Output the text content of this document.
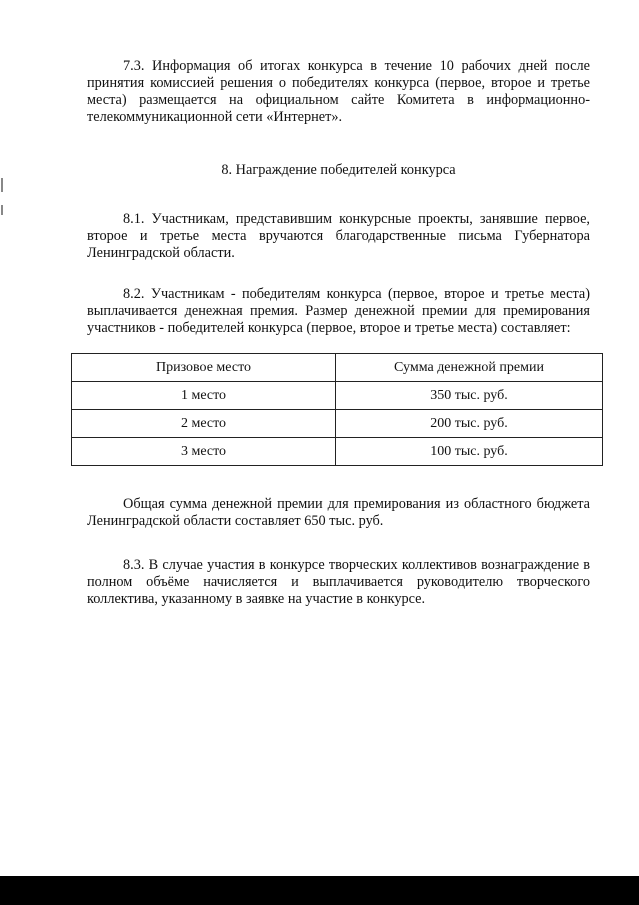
7.3. Информация об итогах конкурса в течение 10 рабочих дней после принятия комиссией решения о победителях конкурса (первое, второе и третье места) размещается на официальном сайте Комитета в информационно-телекоммуникационной сети «Интернет».

8. Награждение победителей конкурса

8.1. Участникам, представившим конкурсные проекты, занявшие первое, второе и третье места вручаются благодарственные письма Губернатора Ленинградской области.

8.2. Участникам - победителям конкурса (первое, второе и третье места) выплачивается денежная премия. Размер денежной премии для премирования участников - победителей конкурса (первое, второе и третье места) составляет:

Призовое место	Сумма денежной премии
1 место	350 тыс. руб.
2 место	200 тыс. руб.
3 место	100 тыс. руб.

Общая сумма денежной премии для премирования из областного бюджета Ленинградской области составляет 650 тыс. руб.

8.3. В случае участия в конкурсе творческих коллективов вознаграждение в полном объёме начисляется и выплачивается руководителю творческого коллектива, указанному в заявке на участие в конкурсе.
